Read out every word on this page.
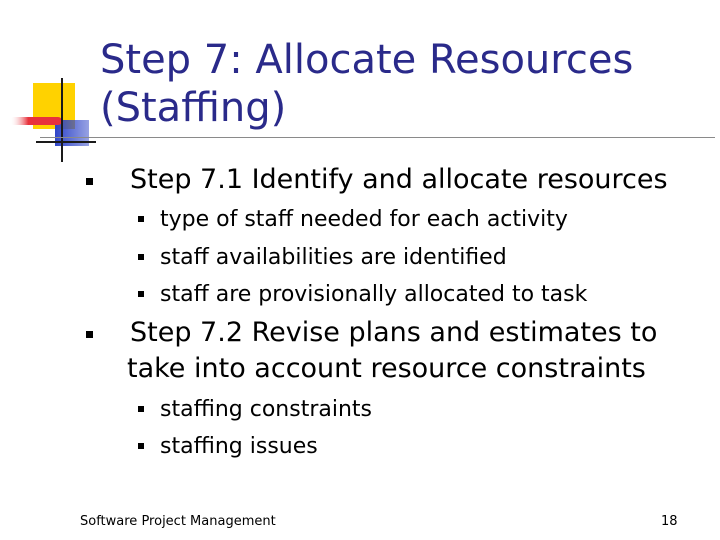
Step 7: Allocate Resources (Staffing)
Step 7.1 Identify and allocate resources
type of staff needed for each activity
staff availabilities are identified
staff are provisionally allocated to task
Step 7.2 Revise plans and estimates to
take into account resource constraints
staffing constraints
staffing issues
Software Project Management	18
